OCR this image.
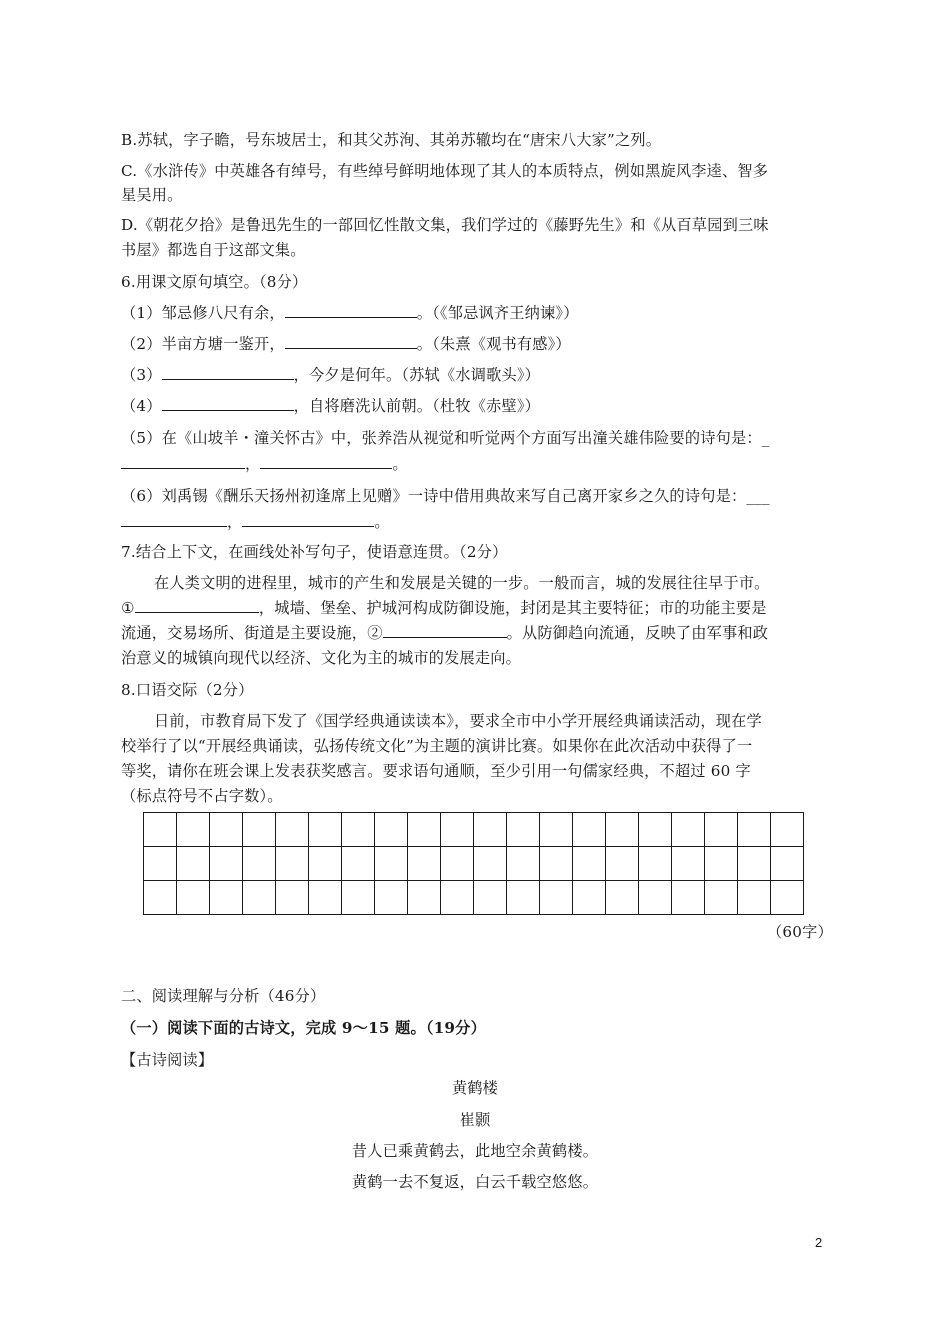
B.苏轼，字子瞻，号东坡居士，和其父苏洵、其弟苏辙均在“唐宋八大家”之列。
C.《水浒传》中英雄各有绰号，有些绰号鲜明地体现了其人的本质特点，例如黑旋风李逵、智多
星吴用。
D.《朝花夕拾》是鲁迅先生的一部回忆性散文集，我们学过的《藤野先生》和《从百草园到三味
书屋》都选自于这部文集。
6.用课文原句填空。（8分）
（1）邹忌修八尺有余，	。（《邹忌讽齐王纳谏》）
（2）半亩方塘一鉴开，	。（朱熹《观书有感》）
（3）	，今夕是何年。（苏轼《水调歌头》）
（4）	，自将磨洗认前朝。（杜牧《赤壁》）
（5）在《山坡羊・潼关怀古》中，张养浩从视觉和听觉两个方面写出潼关雄伟险要的诗句是：_
，	。
（6）刘禹锡《酬乐天扬州初逢席上见赠》一诗中借用典故来写自己离开家乡之久的诗句是：___
，	。
7.结合上下文，在画线处补写句子，使语意连贯。（2分）
在人类文明的进程里，城市的产生和发展是关键的一步。一般而言，城的发展往往早于市。
①	，城墙、堡垒、护城河构成防御设施，封闭是其主要特征；市的功能主要是
流通，交易场所、街道是主要设施，②	。从防御趋向流通，反映了由军事和政
治意义的城镇向现代以经济、文化为主的城市的发展走向。
8.口语交际（2分）
日前，市教育局下发了《国学经典通读读本》，要求全市中小学开展经典诵读活动，现在学
校举行了以“开展经典诵读，弘扬传统文化”为主题的演讲比赛。如果你在此次活动中获得了一
等奖，请你在班会课上发表获奖感言。要求语句通顺，至少引用一句儒家经典，不超过 60 字
（标点符号不占字数）。

（60字）
二、阅读理解与分析（46分）
（一）阅读下面的古诗文，完成 9～15 题。（19分）
【古诗阅读】
黄鹤楼
崔颢
昔人已乘黄鹤去，此地空余黄鹤楼。
黄鹤一去不复返，白云千载空悠悠。
2
